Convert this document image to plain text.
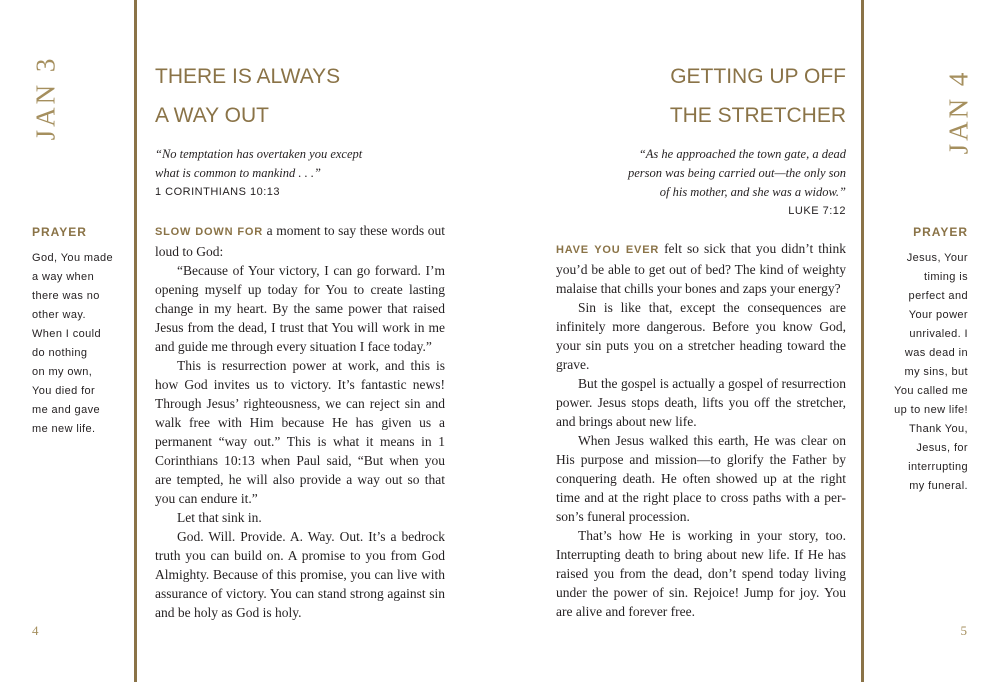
JAN 3
PRAYER
God, You made
a way when
there was no
other way.
When I could
do nothing
on my own,
You died for
me and gave
me new life.
THERE IS ALWAYS
A WAY OUT
“No temptation has overtaken you except
what is common to mankind . . .”
1 CORINTHIANS 10:13

SLOW DOWN FOR a moment to say these words out loud to God:

“Because of Your victory, I can go forward. I’m opening myself up today for You to create lasting change in my heart. By the same power that raised Jesus from the dead, I trust that You will work in me and guide me through every situation I face today.”

This is resurrection power at work, and this is how God invites us to victory. It’s fantastic news! Through Jesus’ righteousness, we can reject sin and walk free with Him because He has given us a permanent “way out.” This is what it means in 1 Corinthians 10:13 when Paul said, “But when you are tempted, he will also provide a way out so that you can endure it.”

Let that sink in.

God. Will. Provide. A. Way. Out. It’s a bedrock truth you can build on. A promise to you from God Almighty. Because of this promise, you can live with assurance of victory. You can stand strong against sin and be holy as God is holy.

4
JAN 4
PRAYER
Jesus, Your
timing is
perfect and
Your power
unrivaled. I
was dead in
my sins, but
You called me
up to new life!
Thank You,
Jesus, for
interrupting
my funeral.
GETTING UP OFF
THE STRETCHER
“As he approached the town gate, a dead
person was being carried out—the only son
of his mother, and she was a widow.”
LUKE 7:12

HAVE YOU EVER felt so sick that you didn’t think you’d be able to get out of bed? The kind of weighty malaise that chills your bones and zaps your energy?

Sin is like that, except the consequences are infinitely more dangerous. Before you know God, your sin puts you on a stretcher heading toward the grave.

But the gospel is actually a gospel of resurrection power. Jesus stops death, lifts you off the stretcher, and brings about new life.

When Jesus walked this earth, He was clear on His purpose and mission—to glorify the Father by conquering death. He often showed up at the right time and at the right place to cross paths with a person’s funeral procession.

That’s how He is working in your story, too. Interrupting death to bring about new life. If He has raised you from the dead, don’t spend today living under the power of sin. Rejoice! Jump for joy. You are alive and forever free.

5
